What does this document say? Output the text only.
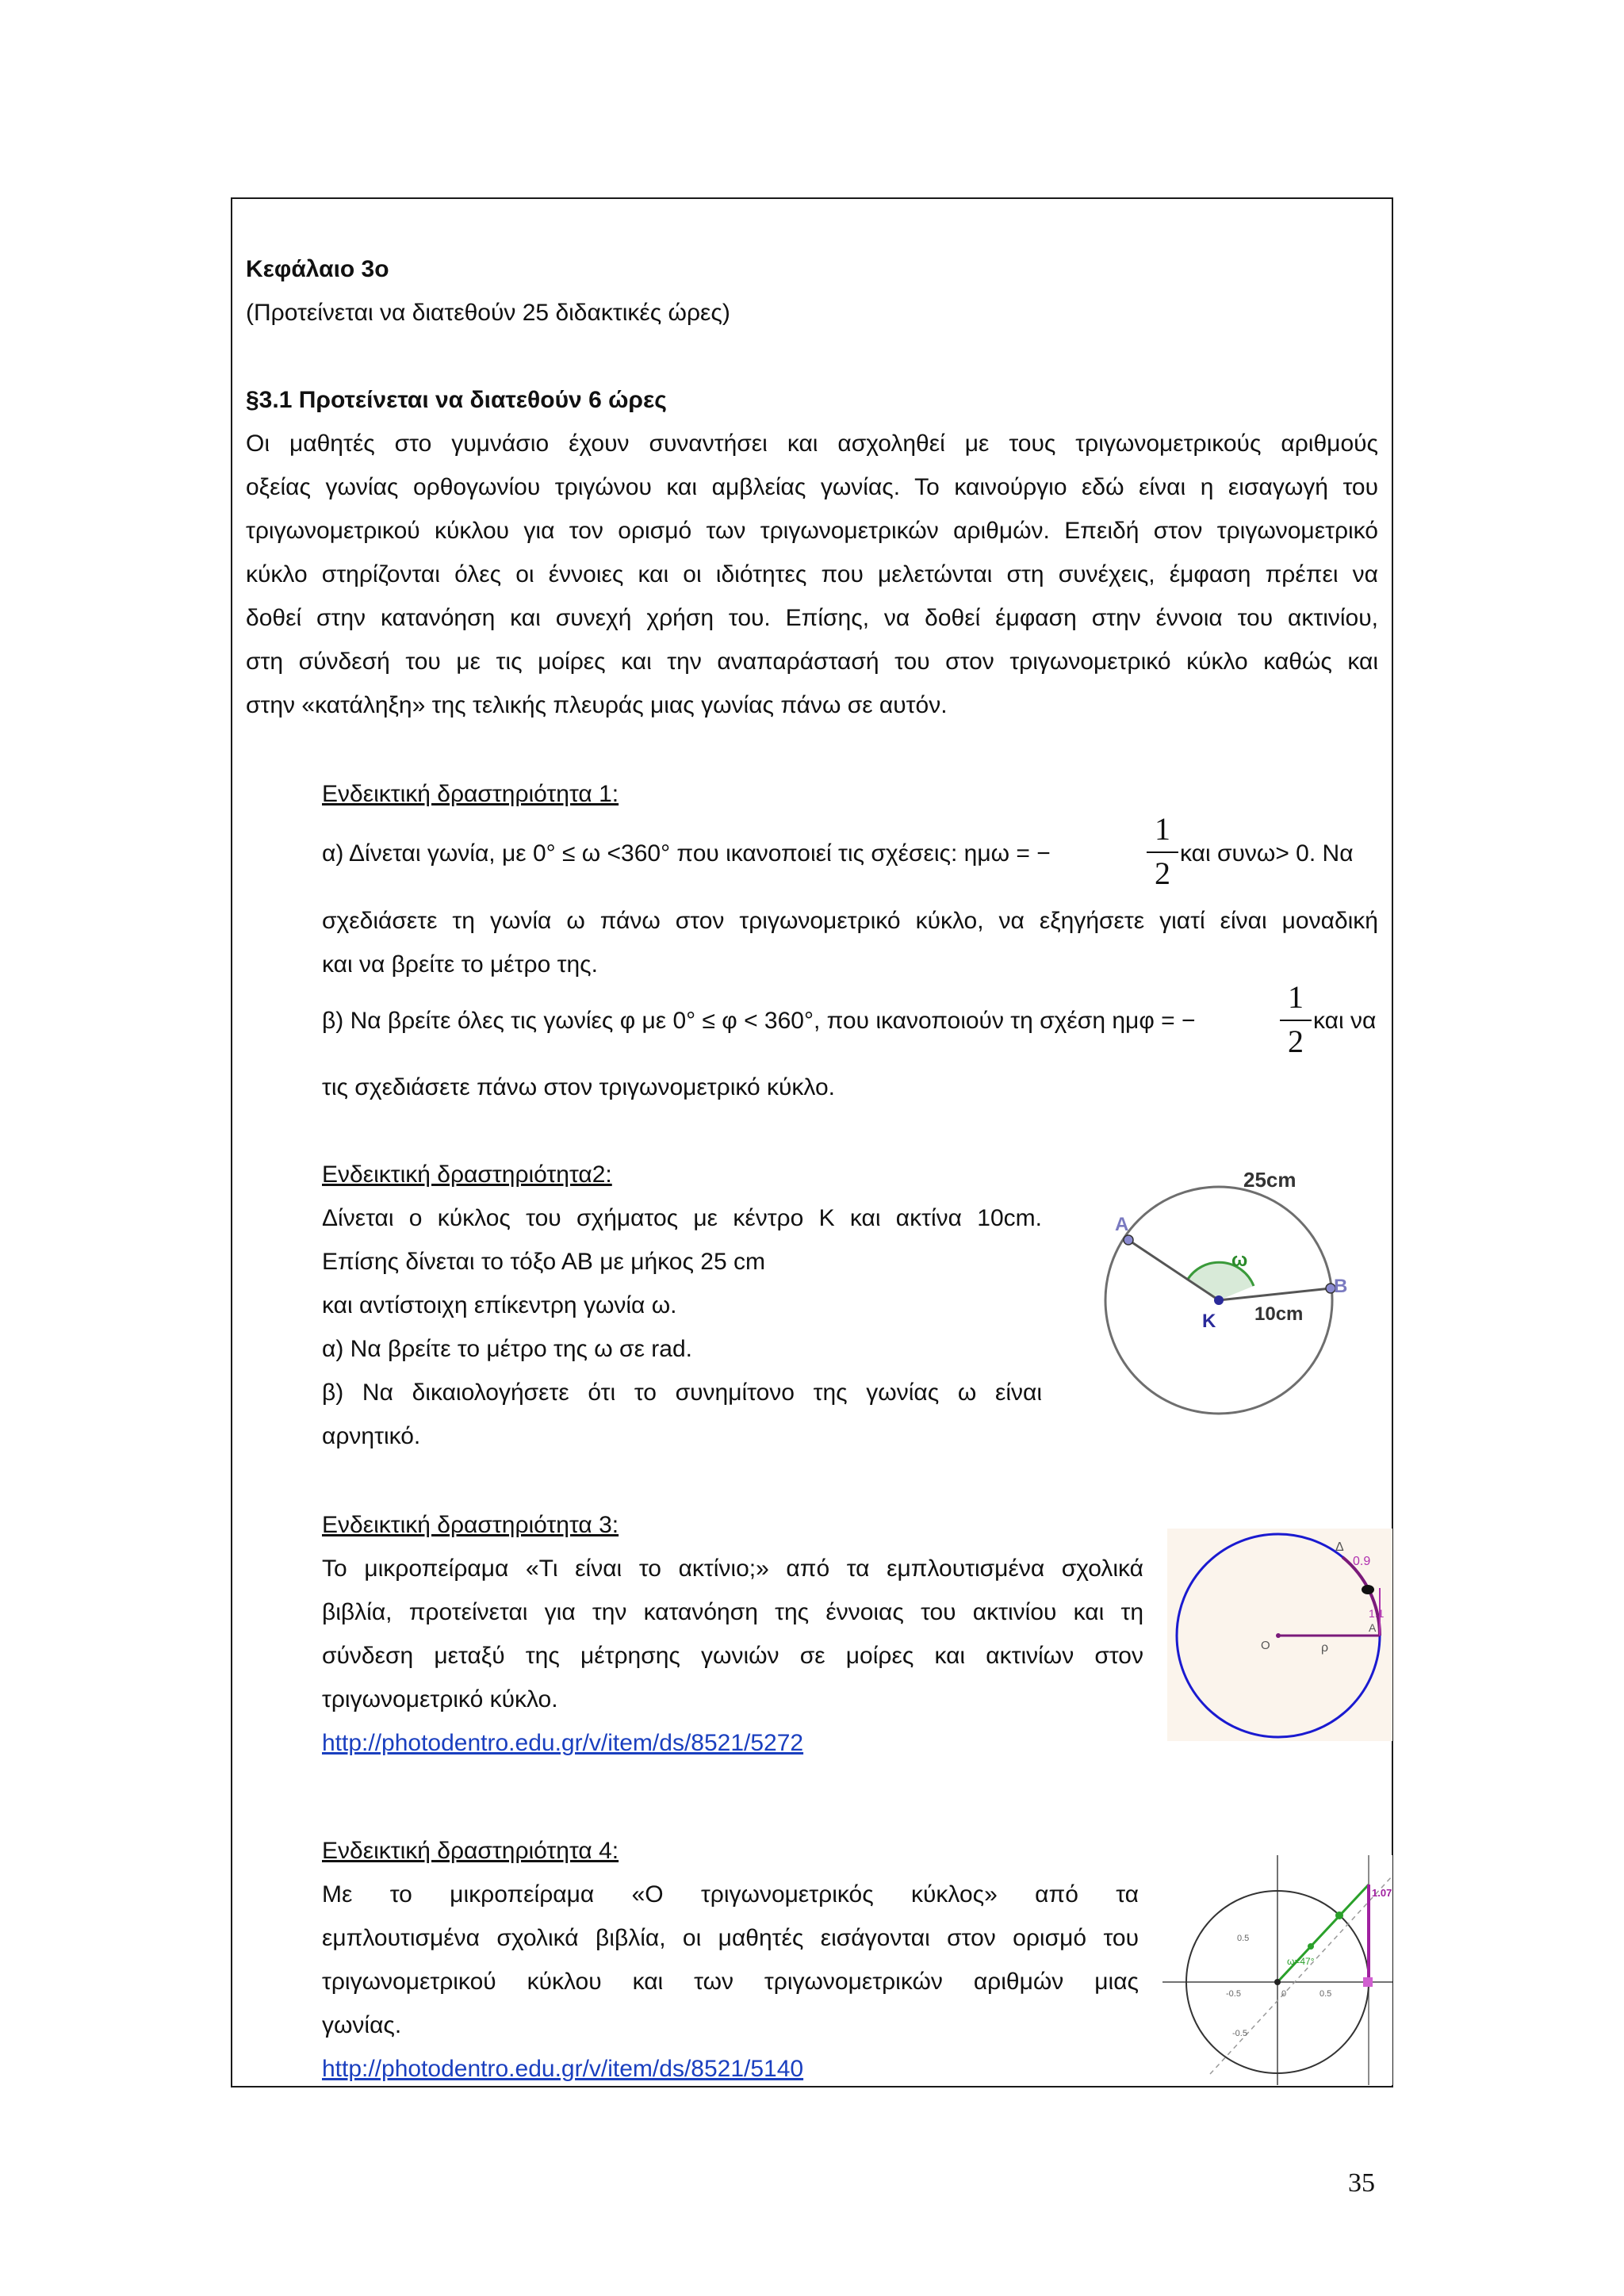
Κεφάλαιο 3ο
(Προτείνεται να διατεθούν 25 διδακτικές ώρες)
§3.1 Προτείνεται να διατεθούν 6 ώρες
Οι μαθητές στο γυμνάσιο έχουν συναντήσει και ασχοληθεί με τους τριγωνομετρικούς αριθμούς
οξείας γωνίας ορθογωνίου τριγώνου και αμβλείας γωνίας. Το καινούργιο εδώ είναι η εισαγωγή του
τριγωνομετρικού κύκλου για τον ορισμό των τριγωνομετρικών αριθμών. Επειδή στον τριγωνομετρικό
κύκλο στηρίζονται όλες οι έννοιες και οι ιδιότητες που μελετώνται στη συνέχεις, έμφαση πρέπει να
δοθεί στην κατανόηση και συνεχή χρήση του. Επίσης, να δοθεί έμφαση στην έννοια του ακτινίου,
στη σύνδεσή του με τις μοίρες και την αναπαράστασή του στον τριγωνομετρικό κύκλο καθώς και
στην «κατάληξη» της τελικής πλευράς μιας γωνίας πάνω σε αυτόν.
Ενδεικτική δραστηριότητα 1:
α) Δίνεται γωνία, με 0° ≤ ω <360° που ικανοποιεί τις σχέσεις: ημω = −
1
2
και συνω> 0. Να
σχεδιάσετε τη γωνία ω πάνω στον τριγωνομετρικό κύκλο, να εξηγήσετε γιατί είναι μοναδική
και να βρείτε το μέτρο της.
β) Να βρείτε όλες τις γωνίες φ με 0° ≤ φ < 360°, που ικανοποιούν τη σχέση ημφ = −
1
2
και να
τις σχεδιάσετε πάνω στον τριγωνομετρικό κύκλο.
Ενδεικτική δραστηριότητα2:
Δίνεται ο κύκλος του σχήματος με κέντρο Κ και ακτίνα 10cm.
Επίσης δίνεται το τόξο ΑΒ με μήκος 25 cm
και αντίστοιχη επίκεντρη γωνία ω.
α) Να βρείτε το μέτρο της ω σε rad.
β) Να δικαιολογήσετε ότι το συνημίτονο της γωνίας ω είναι
αρνητικό.
25cm
Α
Β
Κ
ω
10cm
Ενδεικτική δραστηριότητα 3:
Το μικροπείραμα «Τι είναι το ακτίνιο;» από τα εμπλουτισμένα σχολικά
βιβλία, προτείνεται για την κατανόηση της έννοιας του ακτινίου και τη
σύνδεση μεταξύ της μέτρησης γωνιών σε μοίρες και ακτινίων στον
τριγωνομετρικό κύκλο.
http://photodentro.edu.gr/v/item/ds/8521/5272
Δ
0.9
1.1
A
O	ρ
Ενδεικτική δραστηριότητα 4:
Με το μικροπείραμα «Ο τριγωνομετρικός κύκλος» από τα
εμπλουτισμένα σχολικά βιβλία, οι μαθητές εισάγονται στον ορισμό του
τριγωνομετρικού κύκλου και των τριγωνομετρικών αριθμών μιας
γωνίας.
http://photodentro.edu.gr/v/item/ds/8521/5140
1.07
ω=47°
0.5
-0.5
-0.5	0.5
0
35
